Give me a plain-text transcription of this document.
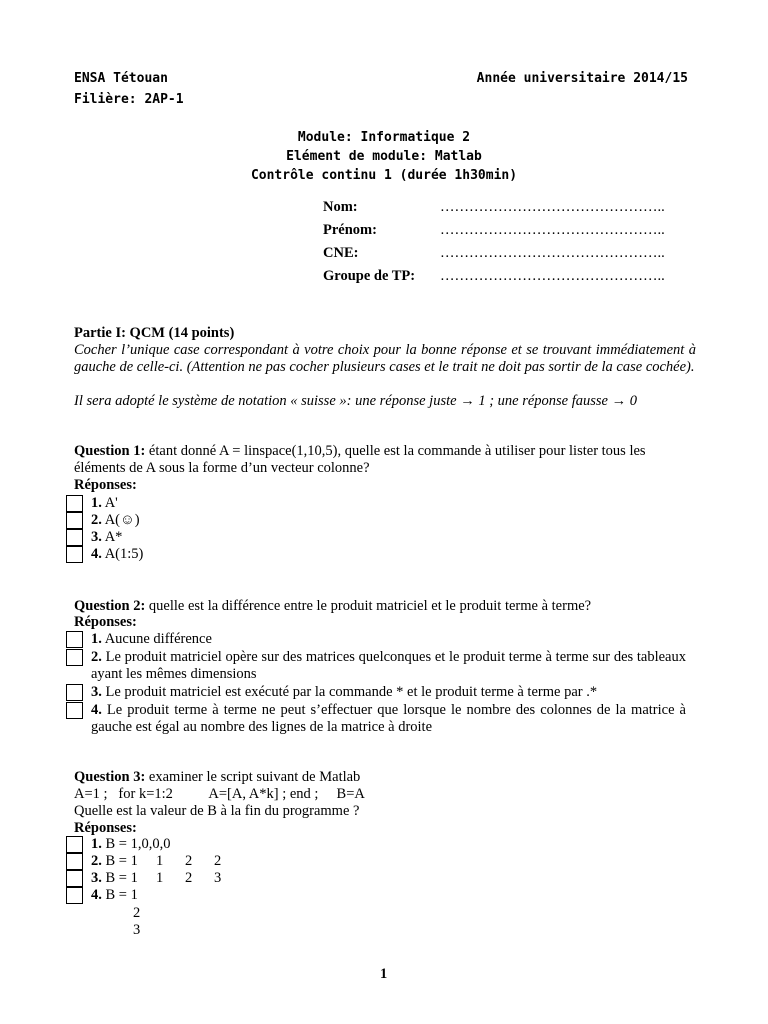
ENSA Tétouan	Année universitaire 2014/15
Filière: 2AP-1
Module: Informatique 2
Elément de module: Matlab
Contrôle continu 1 (durée 1h30min)
Nom:	………………………………………..
Prénom:	………………………………………..
CNE:	………………………………………..
Groupe de TP: ………………………………………..
Partie I: QCM (14 points)
Cocher l’unique case correspondant à votre choix pour la bonne réponse et se trouvant immédiatement à gauche de celle-ci. (Attention ne pas cocher plusieurs cases et le trait ne doit pas sortir de la case cochée).
Il sera adopté le système de notation « suisse »: une réponse juste → 1 ; une réponse fausse → 0
Question 1: étant donné A = linspace(1,10,5), quelle est la commande à utiliser pour lister tous les éléments de A sous la forme d’un vecteur colonne?
Réponses:
1. A'
2. A(☺)
3. A*
4. A(1:5)
Question 2: quelle est la différence entre le produit matriciel et le produit terme à terme?
Réponses:
1. Aucune différence
2. Le produit matriciel opère sur des matrices quelconques et le produit terme à terme sur des tableaux ayant les mêmes dimensions
3. Le produit matriciel est exécuté par la commande * et le produit terme à terme par .*
4. Le produit terme à terme ne peut s’effectuer que lorsque le nombre des colonnes de la matrice à gauche est égal au nombre des lignes de la matrice à droite
Question 3: examiner le script suivant de Matlab
A=1 ;   for k=1:2          A=[A, A*k] ; end ;     B=A
Quelle est la valeur de B à la fin du programme ?
Réponses:
1. B = 1,0,0,0
2. B = 1     1      2      2
3. B = 1     1      2      3
4. B = 1
2
3
1
